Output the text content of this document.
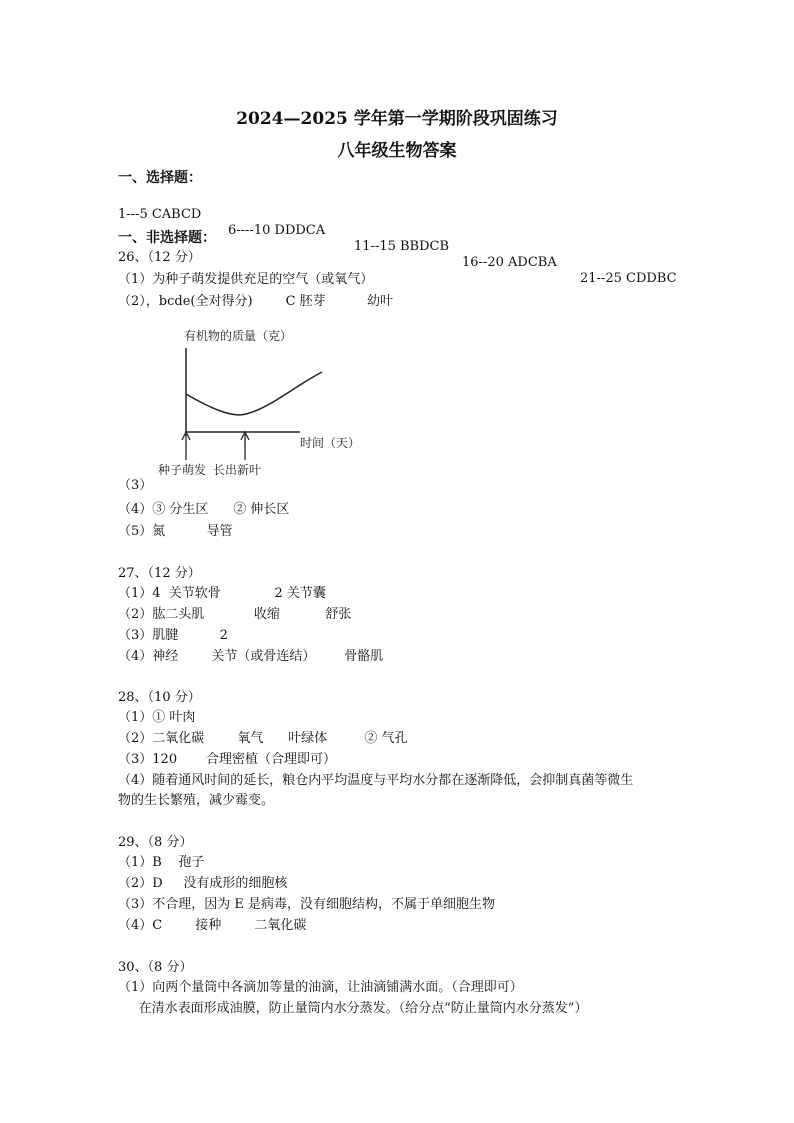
2024—2025 学年第一学期阶段巩固练习
八年级生物答案
一、选择题：

1---5 CABCD

6----10 DDDCA

11--15 BBDCB

16--20 ADCBA

21--25 CDDBC

一、非选择题：
26、（12 分）
（1）为种子萌发提供充足的空气（或氧气）
（2），bcde(全对得分)        C 胚芽          幼叶
有机物的质量（克）
时间（天）
种子萌发 长出新叶
（3）
（4）③ 分生区      ② 伸长区
（5）氮          导管
27、（12 分）
（1）4  关节软骨             2 关节囊
（2）肱二头肌            收缩           舒张
（3）肌腱          2
（4）神经        关节（或骨连结）       骨骼肌
28、（10 分）
（1）① 叶肉
（2）二氧化碳        氧气      叶绿体         ② 气孔
（3）120       合理密植（合理即可）
（4）随着通风时间的延长，粮仓内平均温度与平均水分都在逐渐降低，会抑制真菌等微生
物的生长繁殖，减少霉变。
29、（8 分）
（1）B    孢子
（2）D     没有成形的细胞核
（3）不合理，因为 E 是病毒，没有细胞结构，不属于单细胞生物
（4）C        接种        二氧化碳
30、（8 分）
（1）向两个量筒中各滴加等量的油滴，让油滴铺满水面。（合理即可）
在清水表面形成油膜，防止量筒内水分蒸发。（给分点“防止量筒内水分蒸发”）
